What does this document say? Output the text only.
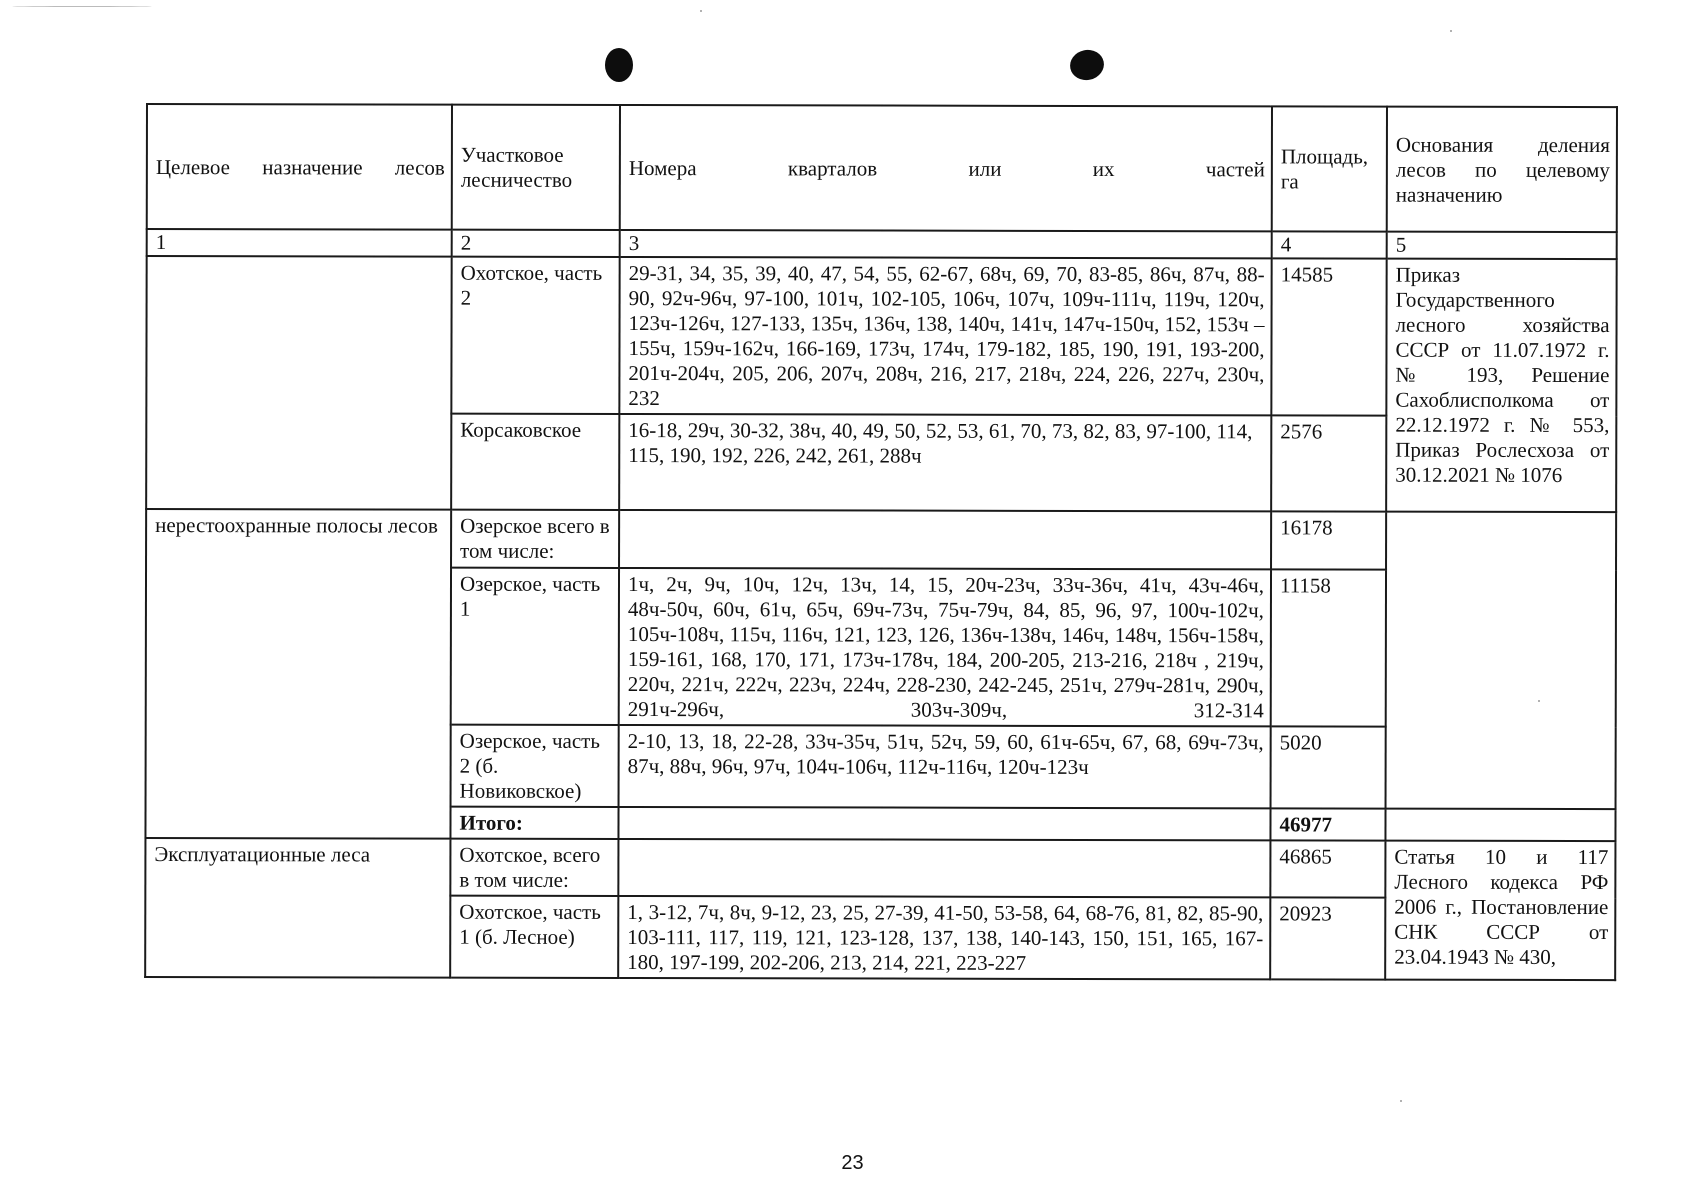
Целевое назначение лесов	Участковое лесничество	Номера кварталов или их частей	Площадь, га	Основания деления лесов по целевому назначению
1	2	3	4	5
	Охотское, часть 2	29-31, 34, 35, 39, 40, 47, 54, 55, 62-67, 68ч, 69, 70, 83-85, 86ч, 87ч, 88-90, 92ч-96ч, 97-100, 101ч, 102-105, 106ч, 107ч, 109ч-111ч, 119ч, 120ч, 123ч-126ч, 127-133, 135ч, 136ч, 138, 140ч, 141ч, 147ч-150ч, 152, 153ч – 155ч, 159ч-162ч, 166-169, 173ч, 174ч, 179-182, 185, 190, 191, 193-200, 201ч-204ч, 205, 206, 207ч, 208ч, 216, 217, 218ч, 224, 226, 227ч, 230ч, 232	14585	Приказ Государственного лесного хозяйства СССР от 11.07.1972 г. № 193, Решение Сахоблисполкома от 22.12.1972 г. № 553, Приказ Рослесхоза от 30.12.2021 № 1076
	Корсаковское	16-18, 29ч, 30-32, 38ч, 40, 49, 50, 52, 53, 61, 70, 73, 82, 83, 97-100, 114, 115, 190, 192, 226, 242, 261, 288ч	2576	
нерестоохранные полосы лесов	Озерское всего в том числе:		16178	
	Озерское, часть 1	1ч, 2ч, 9ч, 10ч, 12ч, 13ч, 14, 15, 20ч-23ч, 33ч-36ч, 41ч, 43ч-46ч, 48ч-50ч, 60ч, 61ч, 65ч, 69ч-73ч, 75ч-79ч, 84, 85, 96, 97, 100ч-102ч, 105ч-108ч, 115ч, 116ч, 121, 123, 126, 136ч-138ч, 146ч, 148ч, 156ч-158ч, 159-161, 168, 170, 171, 173ч-178ч, 184, 200-205, 213-216, 218ч , 219ч, 220ч, 221ч, 222ч, 223ч, 224ч, 228-230, 242-245, 251ч, 279ч-281ч, 290ч, 291ч-296ч, 303ч-309ч, 312-314	11158	
	Озерское, часть 2 (б. Новиковское)	2-10, 13, 18, 22-28, 33ч-35ч, 51ч, 52ч, 59, 60, 61ч-65ч, 67, 68, 69ч-73ч, 87ч, 88ч, 96ч, 97ч, 104ч-106ч, 112ч-116ч, 120ч-123ч	5020	
	Итого:		46977	
Эксплуатационные леса	Охотское, всего в том числе:		46865	Статья 10 и 117 Лесного кодекса РФ 2006 г., Постановление СНК СССР от 23.04.1943 № 430,
	Охотское, часть 1 (б. Лесное)	1, 3-12, 7ч, 8ч, 9-12, 23, 25, 27-39, 41-50, 53-58, 64, 68-76, 81, 82, 85-90, 103-111, 117, 119, 121, 123-128, 137, 138, 140-143, 150, 151, 165, 167-180, 197-199, 202-206, 213, 214, 221, 223-227	20923	
23
